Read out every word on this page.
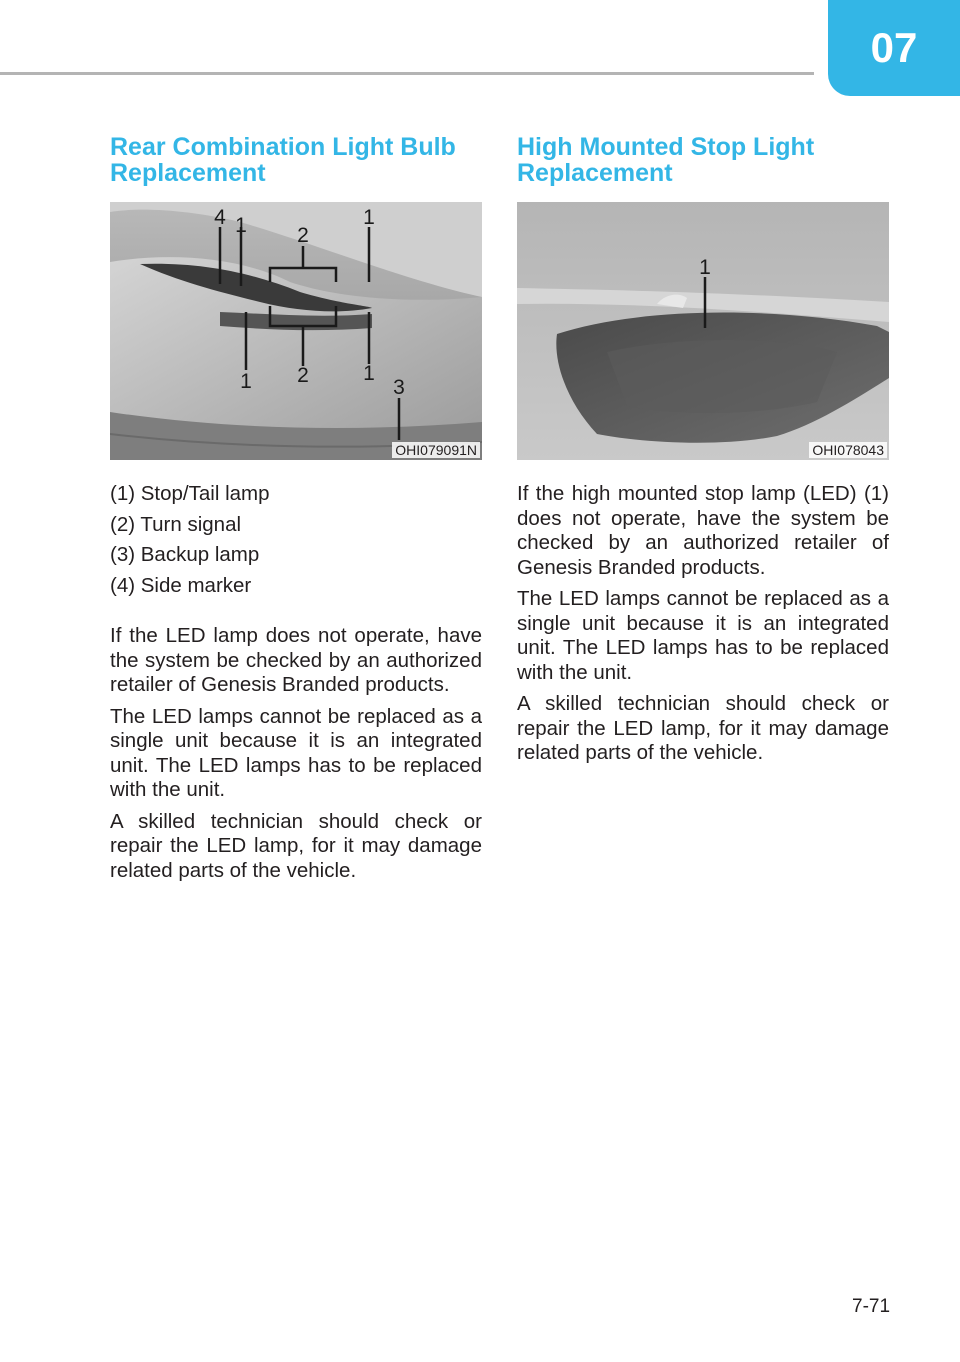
07
Rear Combination Light Bulb Replacement
High Mounted Stop Light Replacement
4 1 2
1
1 2	1
3
OHI079091N
1
OHI078043
(1) Stop/Tail lamp
(2) Turn signal
(3) Backup lamp
(4) Side marker

If the LED lamp does not operate, have the system be checked by an authorized retailer of Genesis Branded products.

The LED lamps cannot be replaced as a single unit because it is an integrated unit. The LED lamps has to be replaced with the unit.

A skilled technician should check or repair the LED lamp, for it may damage related parts of the vehicle.

If the high mounted stop lamp (LED) (1) does not operate, have the system be checked by an authorized retailer of Genesis Branded products.

The LED lamps cannot be replaced as a single unit because it is an integrated unit. The LED lamps has to be replaced with the unit.

A skilled technician should check or repair the LED lamp, for it may damage related parts of the vehicle.

7-71
